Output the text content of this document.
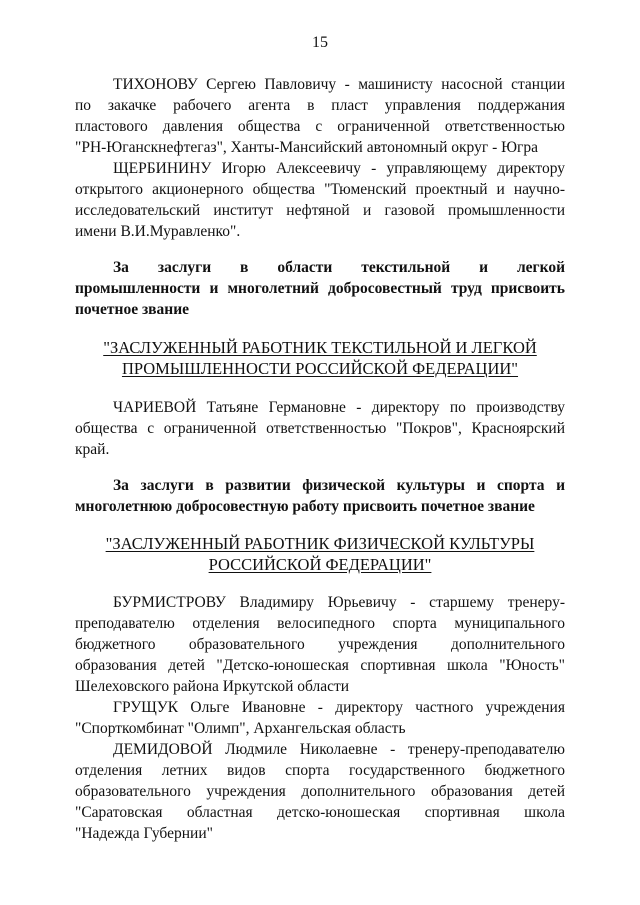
15
ТИХОНОВУ Сергею Павловичу - машинисту насосной станции
по закачке рабочего агента в пласт управления поддержания
пластового давления общества с ограниченной ответственностью
"РН-Юганскнефтегаз", Ханты-Мансийский автономный округ - Югра
ЩЕРБИНИНУ Игорю Алексеевичу - управляющему директору
открытого акционерного общества "Тюменский проектный и научно-
исследовательский институт нефтяной и газовой промышленности
имени В.И.Муравленко".
За заслуги в области текстильной и легкой
промышленности и многолетний добросовестный труд присвоить
почетное звание
"ЗАСЛУЖЕННЫЙ РАБОТНИК ТЕКСТИЛЬНОЙ И ЛЕГКОЙ
ПРОМЫШЛЕННОСТИ РОССИЙСКОЙ ФЕДЕРАЦИИ"
ЧАРИЕВОЙ Татьяне Германовне - директору по производству
общества с ограниченной ответственностью "Покров", Красноярский
край.
За заслуги в развитии физической культуры и спорта и
многолетнюю добросовестную работу присвоить почетное звание
"ЗАСЛУЖЕННЫЙ РАБОТНИК ФИЗИЧЕСКОЙ КУЛЬТУРЫ
РОССИЙСКОЙ ФЕДЕРАЦИИ"
БУРМИСТРОВУ Владимиру Юрьевичу - старшему тренеру-
преподавателю отделения велосипедного спорта муниципального
бюджетного образовательного учреждения дополнительного
образования детей "Детско-юношеская спортивная школа "Юность"
Шелеховского района Иркутской области
ГРУЩУК Ольге Ивановне - директору частного учреждения
"Спорткомбинат "Олимп", Архангельская область
ДЕМИДОВОЙ Людмиле Николаевне - тренеру-преподавателю
отделения летних видов спорта государственного бюджетного
образовательного учреждения дополнительного образования детей
"Саратовская областная детско-юношеская спортивная школа
"Надежда Губернии"
